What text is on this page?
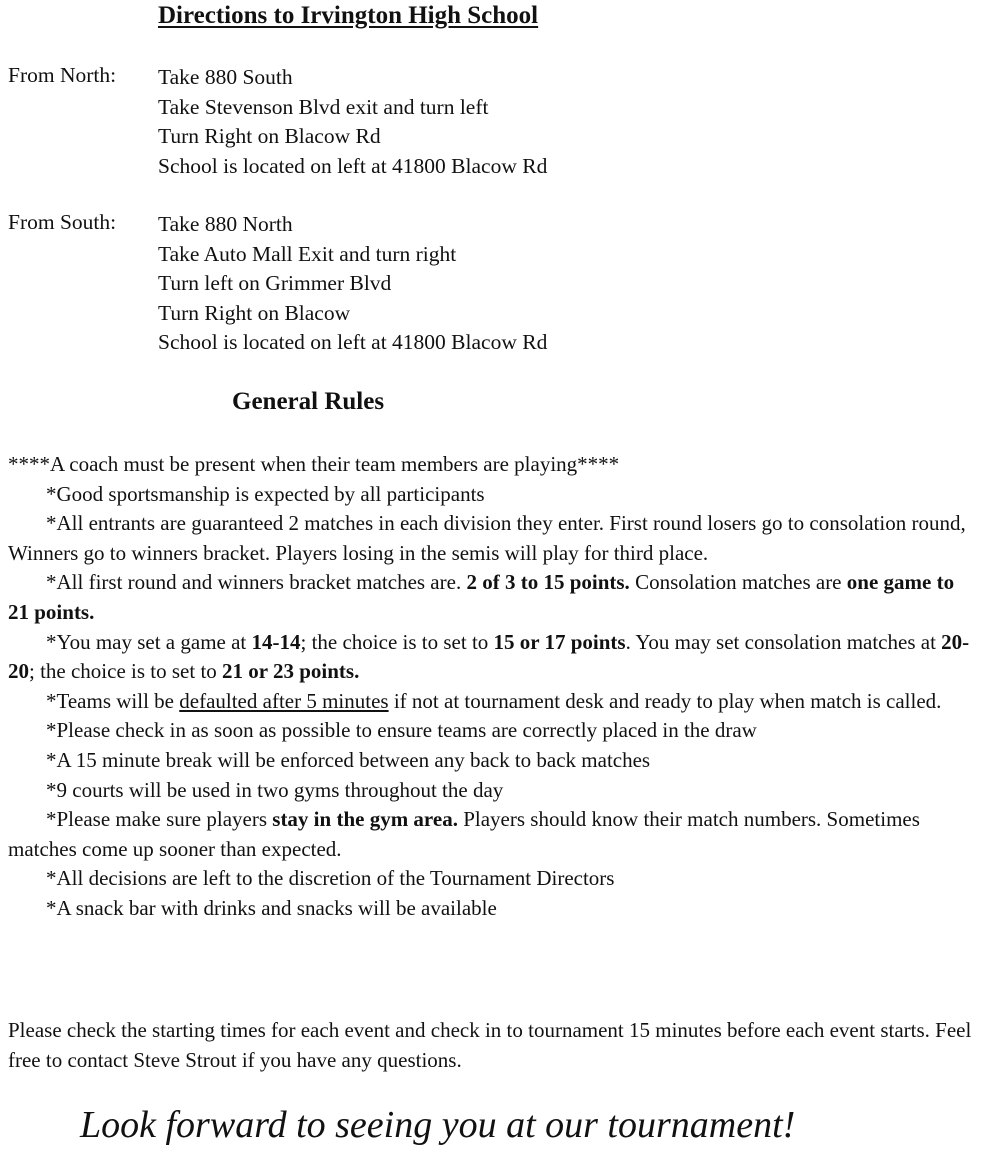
Directions to Irvington High School
From North: Take 880 South
Take Stevenson Blvd exit and turn left
Turn Right on Blacow Rd
School is located on left at 41800 Blacow Rd
From South: Take 880 North
Take Auto Mall Exit and turn right
Turn left on Grimmer Blvd
Turn Right on Blacow
School is located on left at 41800 Blacow Rd
General Rules

****A coach must be present when their team members are playing****

*Good sportsmanship is expected by all participants

*All entrants are guaranteed 2 matches in each division they enter. First round losers go to consolation round, Winners go to winners bracket. Players losing in the semis will play for third place.

*All first round and winners bracket matches are. 2 of 3 to 15 points. Consolation matches are one game to 21 points.

*You may set a game at 14-14; the choice is to set to 15 or 17 points. You may set consolation matches at 20-20; the choice is to set to 21 or 23 points.

*Teams will be defaulted after 5 minutes if not at tournament desk and ready to play when match is called.

*Please check in as soon as possible to ensure teams are correctly placed in the draw

*A 15 minute break will be enforced between any back to back matches

*9 courts will be used in two gyms throughout the day

*Please make sure players stay in the gym area. Players should know their match numbers. Sometimes matches come up sooner than expected.

*All decisions are left to the discretion of the Tournament Directors

*A snack bar with drinks and snacks will be available

Please check the starting times for each event and check in to tournament 15 minutes before each event starts. Feel free to contact Steve Strout if you have any questions.

Look forward to seeing you at our tournament!
